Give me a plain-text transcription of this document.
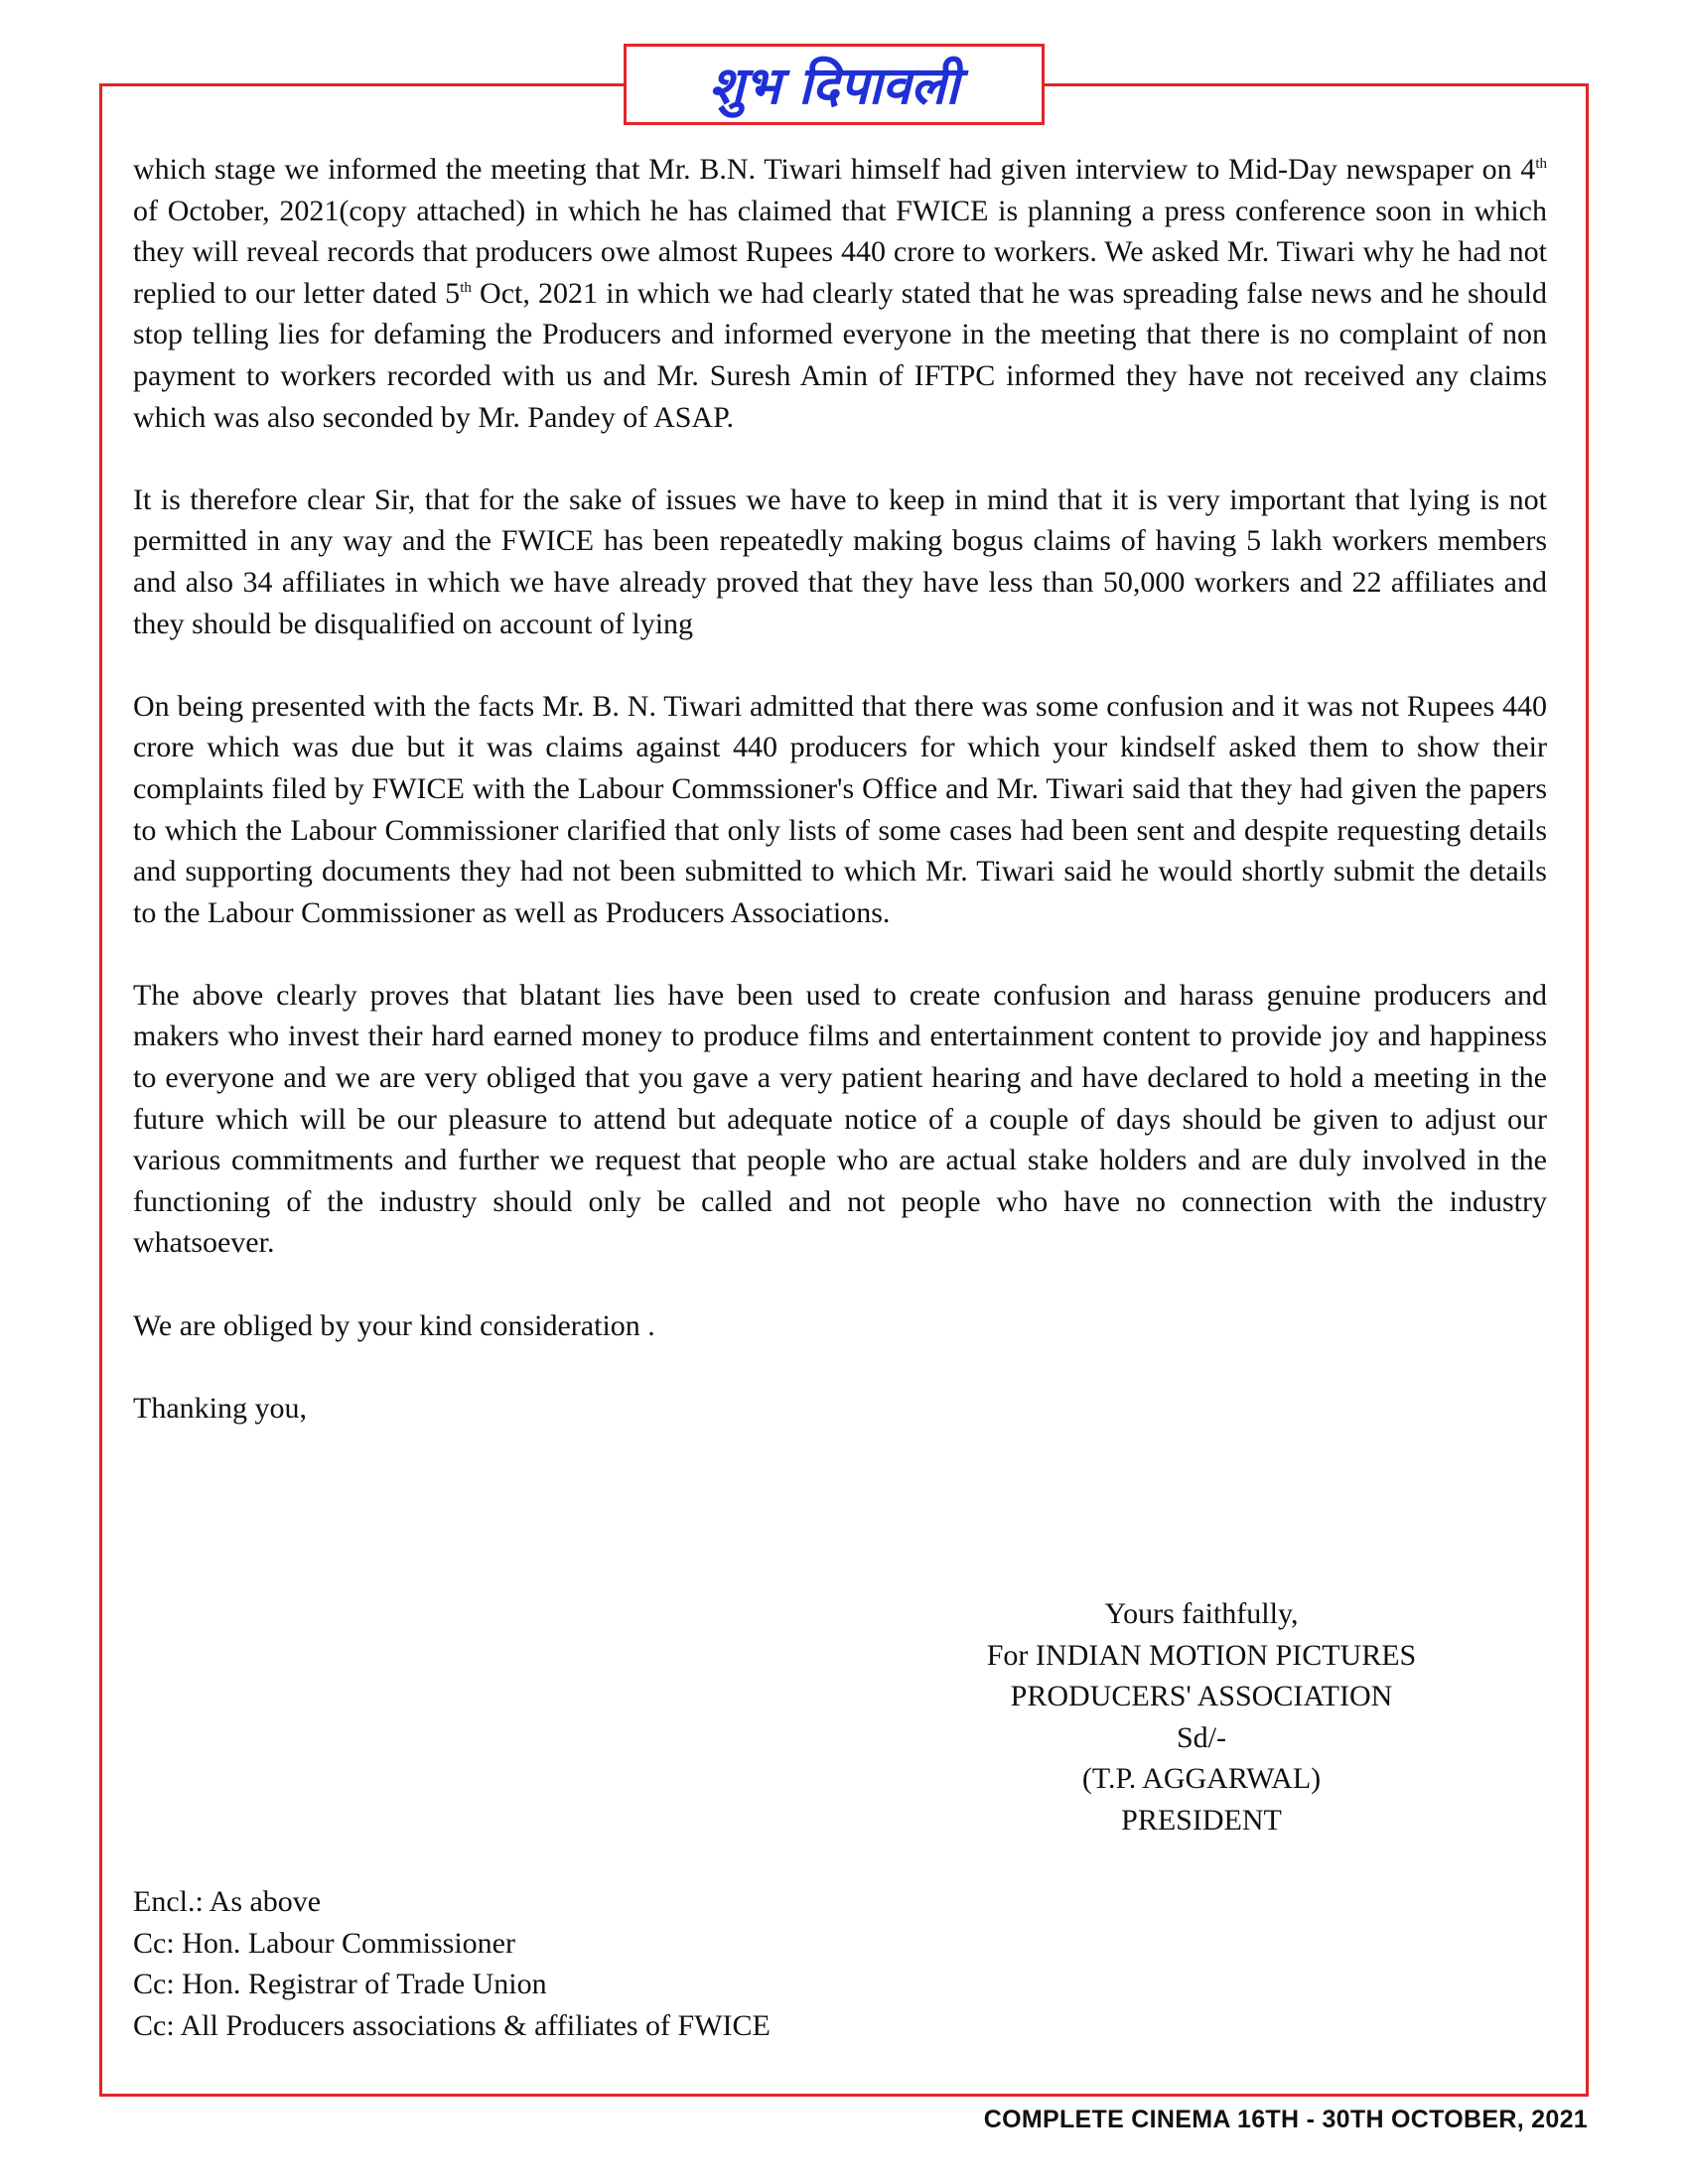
शुभ दिपावली

which stage we informed the meeting that Mr. B.N. Tiwari himself had given interview to Mid-Day newspaper on 4th of October, 2021(copy attached) in which he has claimed that FWICE is planning a press conference soon in which they will reveal records that producers owe almost Rupees 440 crore to workers. We asked Mr. Tiwari why he had not replied to our letter dated 5th Oct, 2021 in which we had clearly stated that he was spreading false news and he should stop telling lies for defaming the Producers and informed everyone in the meeting that there is no complaint of non payment to workers recorded with us and Mr. Suresh Amin of IFTPC informed they have not received any claims which was also seconded by Mr. Pandey of ASAP.

It is therefore clear Sir, that for the sake of issues we have to keep in mind that it is very important that lying is not permitted in any way and the FWICE has been repeatedly making bogus claims of having 5 lakh workers members and also 34 affiliates in which we have already proved that they have less than 50,000 workers and 22 affiliates and they should be disqualified on account of lying

On being presented with the facts Mr. B. N. Tiwari admitted that there was some confusion and it was not Rupees 440 crore which was due but it was claims against 440 producers for which your kindself asked them to show their complaints filed by FWICE with the Labour Commssioner's Office and Mr. Tiwari said that they had given the papers to which the Labour Commissioner clarified that only lists of some cases had been sent and despite requesting details and supporting documents they had not been submitted to which Mr. Tiwari said he would shortly submit the details to the Labour Commissioner as well as Producers Associations.

The above clearly proves that blatant lies have been used to create confusion and harass genuine producers and makers who invest their hard earned money to produce films and entertainment content to provide joy and happiness to everyone and we are very obliged that you gave a very patient hearing and have declared to hold a meeting in the future which will be our pleasure to attend but adequate notice of a couple of days should be given to adjust our various commitments and further we request that people who are actual stake holders and are duly involved in the functioning of the industry should only be called and not people who have no connection with the industry whatsoever.

We are obliged by your kind consideration .

Thanking you,

Yours faithfully,
For INDIAN MOTION PICTURES
PRODUCERS' ASSOCIATION
Sd/-
(T.P. AGGARWAL)
PRESIDENT
Encl.: As above
Cc: Hon. Labour Commissioner
Cc: Hon. Registrar of Trade Union
Cc: All Producers associations & affiliates of FWICE
COMPLETE CINEMA 16TH - 30TH OCTOBER, 2021
